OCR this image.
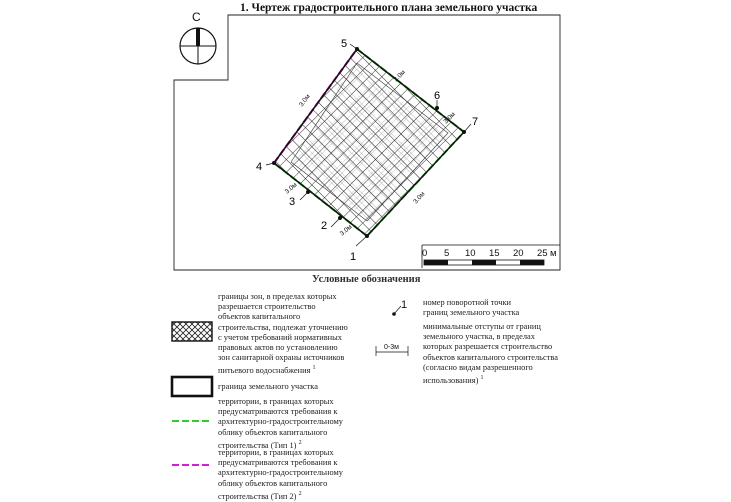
1. Чертеж градостроительного плана земельного участка
1
2
3
4
5
6
7
3.0м
3.0м
3.0м
3.0м
3.0м
3.0м
0 5 10 15 20 25 м
Условные обозначения
1
0-3м
границы зон, в пределах которых
разрешается строительство
объектов капитального
строительства, подлежат уточнению
с учетом требований нормативных
правовых актов по установлению
зон санитарной охраны источников
питьевого водоснабжения $^1$
граница земельного участка
территории, в границах которых
предусматриваются требования к
архитектурно-градостроительному
облику объектов капитального
строительства (Тип 1) $^2$
территории, в границах которых
предусматриваются требования к
архитектурно-градостроительному
облику объектов капитального
строительства (Тип 2) $^2$
номер поворотной точки
границ земельного участка
минимальные отступы от границ
земельного участка, в пределах
которых разрешается строительство
объектов капитального строительства
(согласно видам разрешенного
использования) $^1$
С
